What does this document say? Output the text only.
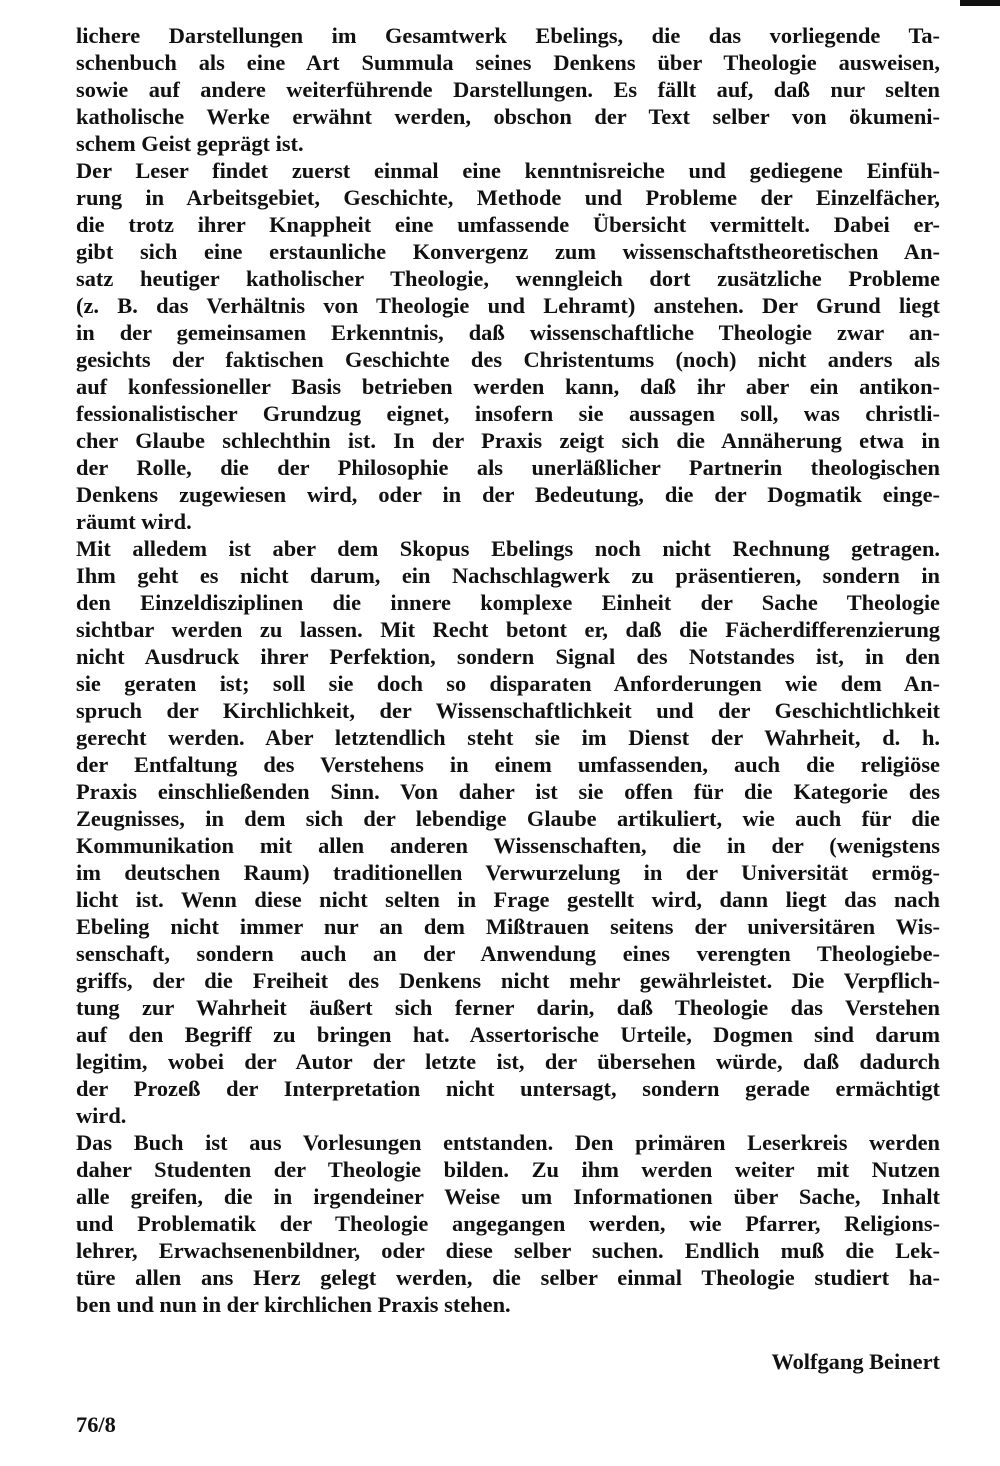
lichere Darstellungen im Gesamtwerk Ebelings, die das vorliegende Ta-
schenbuch als eine Art Summula seines Denkens über Theologie ausweisen,
sowie auf andere weiterführende Darstellungen. Es fällt auf, daß nur selten
katholische Werke erwähnt werden, obschon der Text selber von ökumeni-
schem Geist geprägt ist.
Der Leser findet zuerst einmal eine kenntnisreiche und gediegene Einfüh-
rung in Arbeitsgebiet, Geschichte, Methode und Probleme der Einzelfächer,
die trotz ihrer Knappheit eine umfassende Übersicht vermittelt. Dabei er-
gibt sich eine erstaunliche Konvergenz zum wissenschaftstheoretischen An-
satz heutiger katholischer Theologie, wenngleich dort zusätzliche Probleme
(z. B. das Verhältnis von Theologie und Lehramt) anstehen. Der Grund liegt
in der gemeinsamen Erkenntnis, daß wissenschaftliche Theologie zwar an-
gesichts der faktischen Geschichte des Christentums (noch) nicht anders als
auf konfessioneller Basis betrieben werden kann, daß ihr aber ein antikon-
fessionalistischer Grundzug eignet, insofern sie aussagen soll, was christli-
cher Glaube schlechthin ist. In der Praxis zeigt sich die Annäherung etwa in
der Rolle, die der Philosophie als unerläßlicher Partnerin theologischen
Denkens zugewiesen wird, oder in der Bedeutung, die der Dogmatik einge-
räumt wird.
Mit alledem ist aber dem Skopus Ebelings noch nicht Rechnung getragen.
Ihm geht es nicht darum, ein Nachschlagwerk zu präsentieren, sondern in
den Einzeldisziplinen die innere komplexe Einheit der Sache Theologie
sichtbar werden zu lassen. Mit Recht betont er, daß die Fächerdifferenzierung
nicht Ausdruck ihrer Perfektion, sondern Signal des Notstandes ist, in den
sie geraten ist; soll sie doch so disparaten Anforderungen wie dem An-
spruch der Kirchlichkeit, der Wissenschaftlichkeit und der Geschichtlichkeit
gerecht werden. Aber letztendlich steht sie im Dienst der Wahrheit, d. h.
der Entfaltung des Verstehens in einem umfassenden, auch die religiöse
Praxis einschließenden Sinn. Von daher ist sie offen für die Kategorie des
Zeugnisses, in dem sich der lebendige Glaube artikuliert, wie auch für die
Kommunikation mit allen anderen Wissenschaften, die in der (wenigstens
im deutschen Raum) traditionellen Verwurzelung in der Universität ermög-
licht ist. Wenn diese nicht selten in Frage gestellt wird, dann liegt das nach
Ebeling nicht immer nur an dem Mißtrauen seitens der universitären Wis-
senschaft, sondern auch an der Anwendung eines verengten Theologiebe-
griffs, der die Freiheit des Denkens nicht mehr gewährleistet. Die Verpflich-
tung zur Wahrheit äußert sich ferner darin, daß Theologie das Verstehen
auf den Begriff zu bringen hat. Assertorische Urteile, Dogmen sind darum
legitim, wobei der Autor der letzte ist, der übersehen würde, daß dadurch
der Prozeß der Interpretation nicht untersagt, sondern gerade ermächtigt
wird.
Das Buch ist aus Vorlesungen entstanden. Den primären Leserkreis werden
daher Studenten der Theologie bilden. Zu ihm werden weiter mit Nutzen
alle greifen, die in irgendeiner Weise um Informationen über Sache, Inhalt
und Problematik der Theologie angegangen werden, wie Pfarrer, Religions-
lehrer, Erwachsenenbildner, oder diese selber suchen. Endlich muß die Lek-
türe allen ans Herz gelegt werden, die selber einmal Theologie studiert ha-
ben und nun in der kirchlichen Praxis stehen.
Wolfgang Beinert
76/8
